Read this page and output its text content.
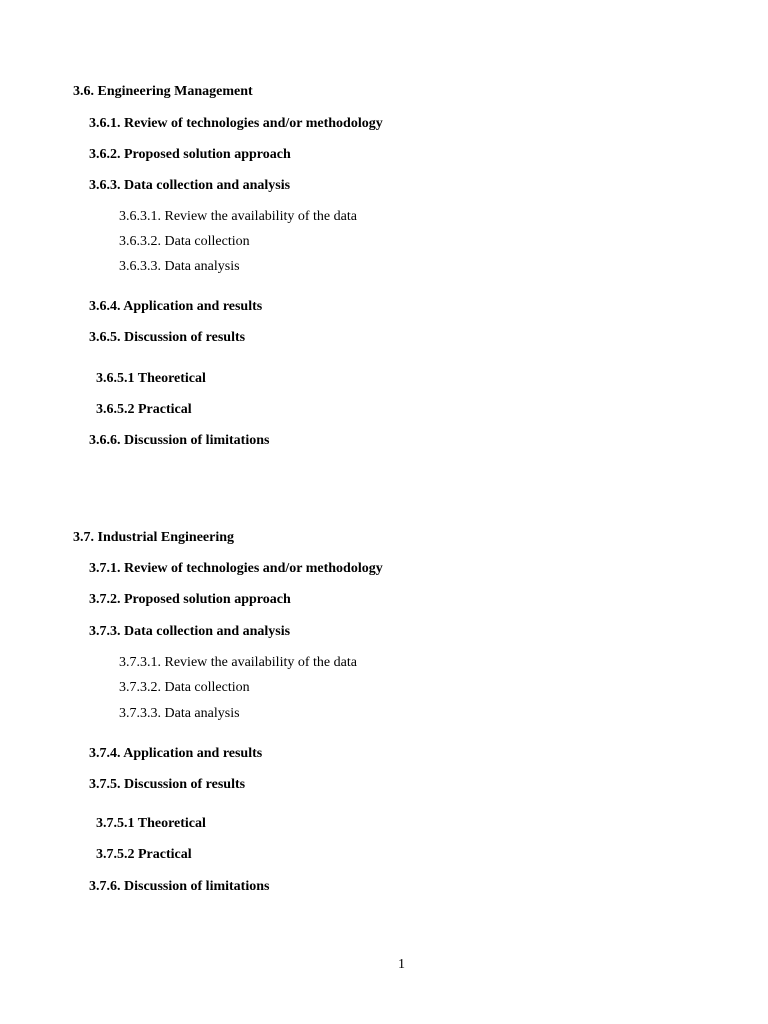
3.6. Engineering Management
3.6.1. Review of technologies and/or methodology
3.6.2. Proposed solution approach
3.6.3. Data collection and analysis
3.6.3.1. Review the availability of the data
3.6.3.2. Data collection
3.6.3.3. Data analysis
3.6.4. Application and results
3.6.5. Discussion of results
3.6.5.1 Theoretical
3.6.5.2 Practical
3.6.6. Discussion of limitations
3.7. Industrial Engineering
3.7.1. Review of technologies and/or methodology
3.7.2. Proposed solution approach
3.7.3. Data collection and analysis
3.7.3.1. Review the availability of the data
3.7.3.2. Data collection
3.7.3.3. Data analysis
3.7.4. Application and results
3.7.5. Discussion of results
3.7.5.1 Theoretical
3.7.5.2 Practical
3.7.6. Discussion of limitations
1
